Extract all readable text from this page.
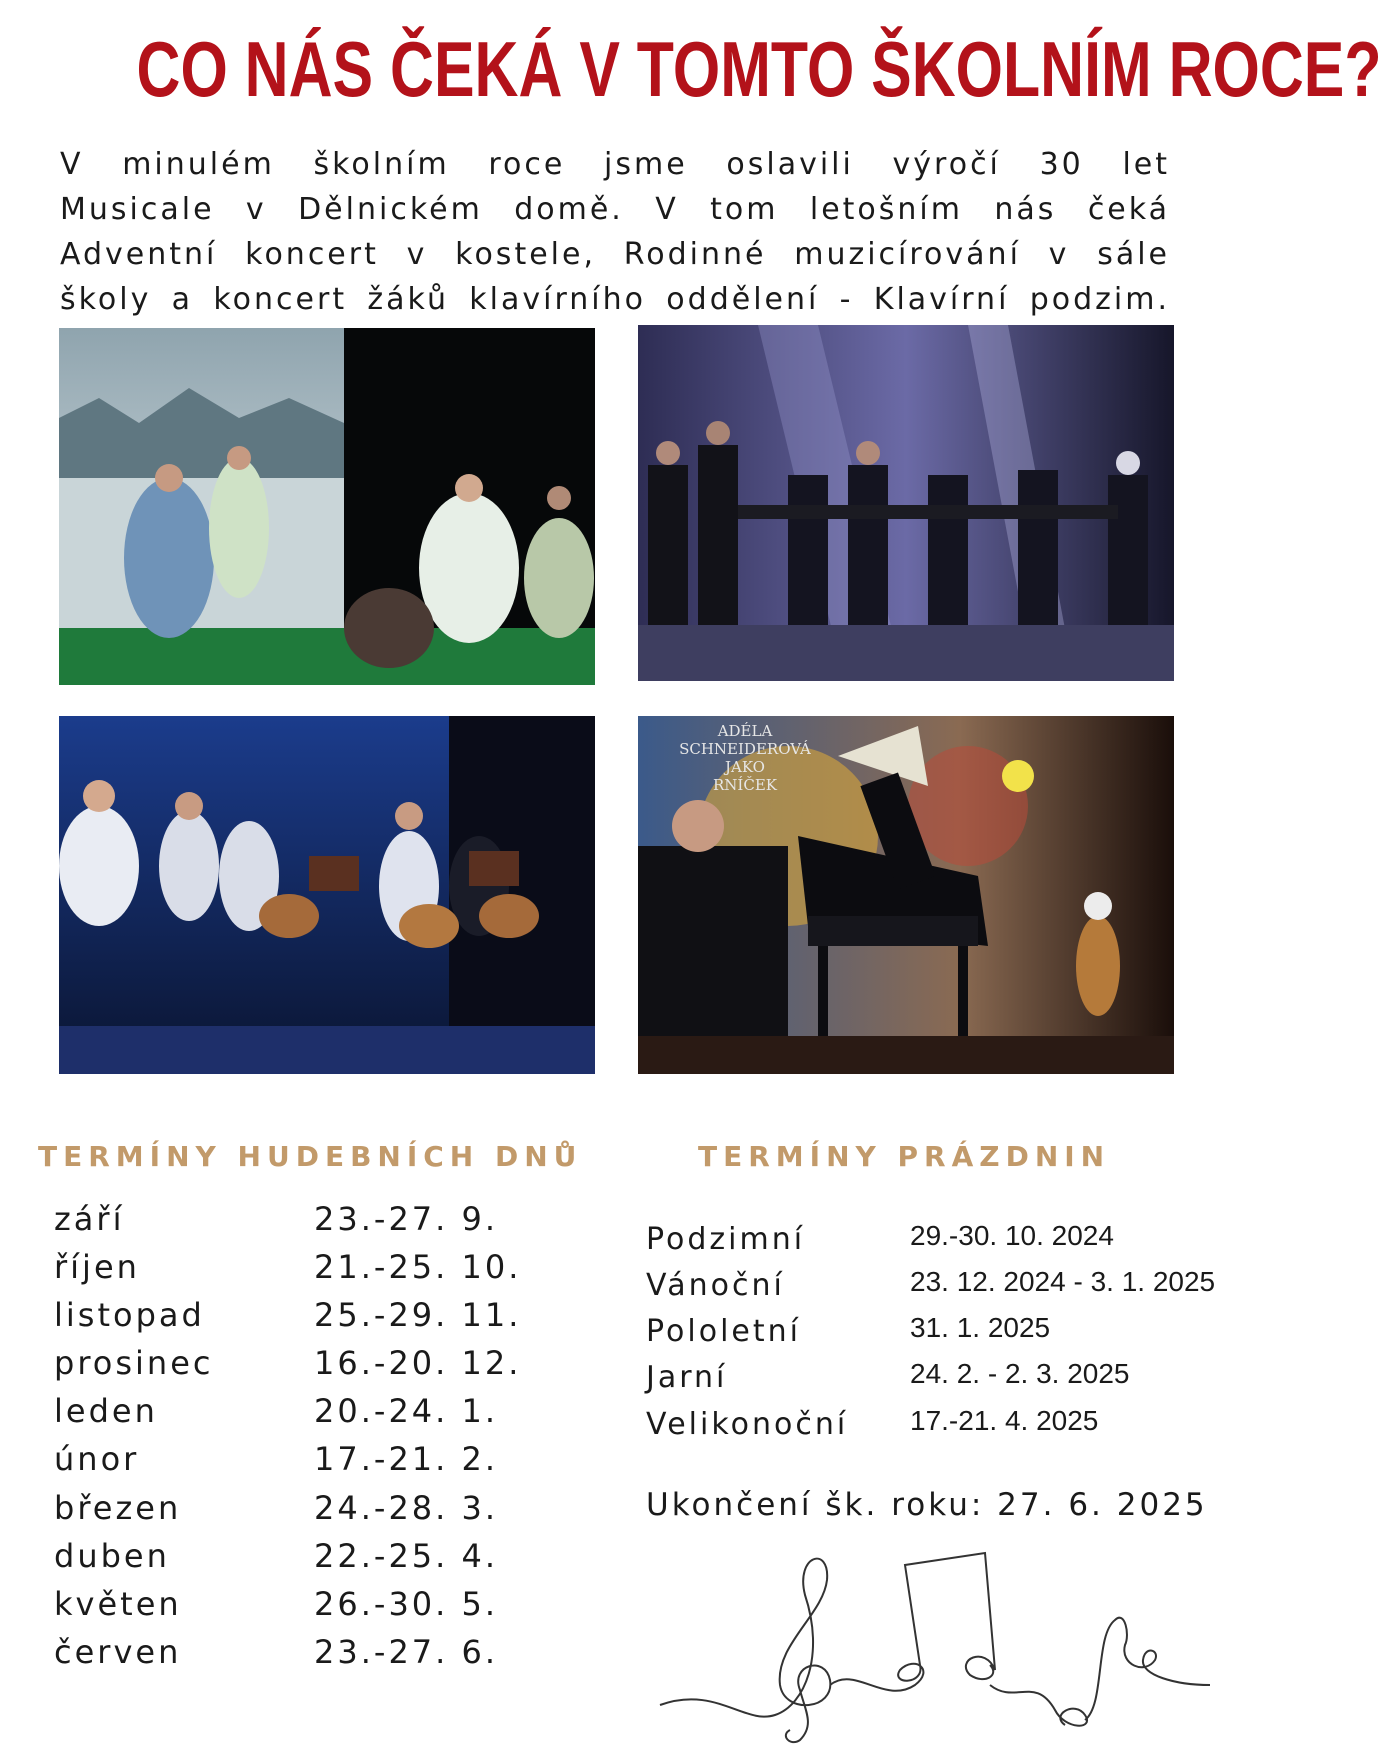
CO NÁS ČEKÁ V TOMTO ŠKOLNÍM ROCE?
V minulém školním roce jsme oslavili výročí 30 let
Musicale v Dělnickém domě. V tom letošním nás čeká
Adventní koncert v kostele, Rodinné muzicírování v sále
školy a koncert žáků klavírního oddělení - Klavírní podzim.
ADÉLA SCHNEIDEROVÁ
JAKO
RNÍČEK
TERMÍNY HUDEBNÍCH DNŮ	TERMÍNY PRÁZDNIN
září	23.-27. 9.
říjen	21.-25. 10.
listopad	25.-29. 11.
prosinec	16.-20. 12.
leden	20.-24. 1.
únor	17.-21. 2.
březen	24.-28. 3.
duben	22.-25. 4.
květen	26.-30. 5.
červen	23.-27. 6.
Podzimní	29.-30. 10. 2024
Vánoční	23. 12. 2024 - 3. 1. 2025
Pololetní	31. 1. 2025
Jarní	24. 2. - 2. 3. 2025
Velikonoční 17.-21. 4. 2025
Ukončení šk. roku: 27. 6. 2025
